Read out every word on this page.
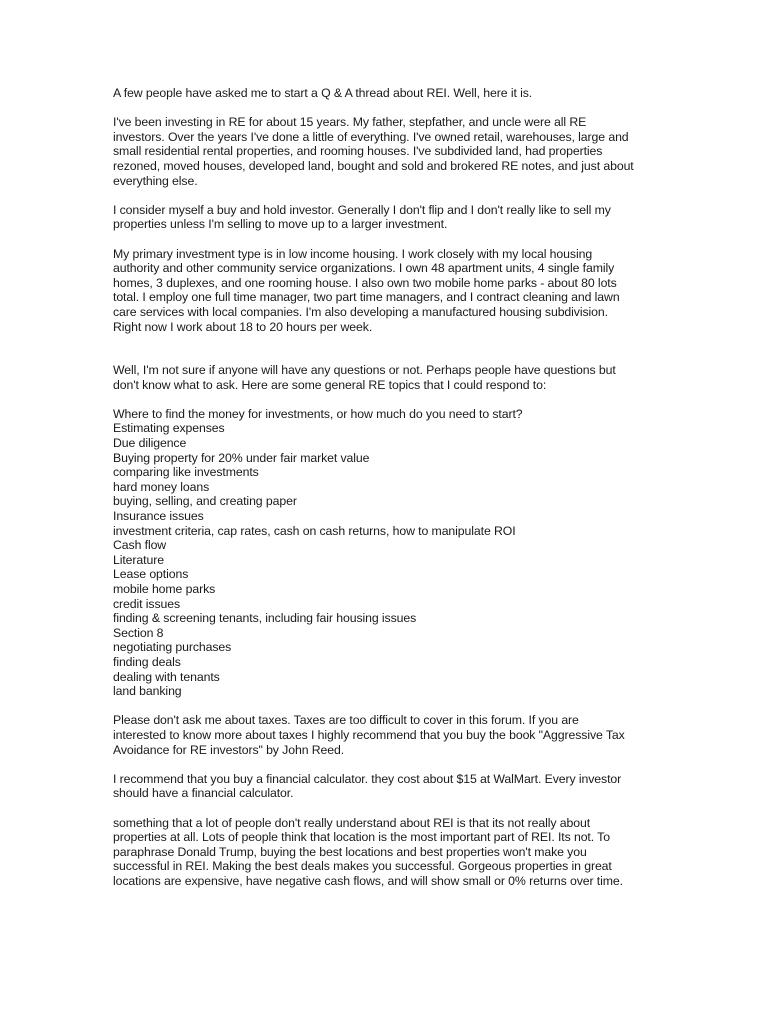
A few people have asked me to start a Q & A thread about REI. Well, here it is.

I've been investing in RE for about 15 years. My father, stepfather, and uncle were all RE
investors. Over the years I've done a little of everything. I've owned retail, warehouses, large and
small residential rental properties, and rooming houses. I've subdivided land, had properties
rezoned, moved houses, developed land, bought and sold and brokered RE notes, and just about
everything else.

I consider myself a buy and hold investor. Generally I don't flip and I don't really like to sell my
properties unless I'm selling to move up to a larger investment.

My primary investment type is in low income housing. I work closely with my local housing
authority and other community service organizations. I own 48 apartment units, 4 single family
homes, 3 duplexes, and one rooming house. I also own two mobile home parks - about 80 lots
total. I employ one full time manager, two part time managers, and I contract cleaning and lawn
care services with local companies. I'm also developing a manufactured housing subdivision.
Right now I work about 18 to 20 hours per week.

Well, I'm not sure if anyone will have any questions or not. Perhaps people have questions but
don't know what to ask. Here are some general RE topics that I could respond to:

Where to find the money for investments, or how much do you need to start?
Estimating expenses
Due diligence
Buying property for 20% under fair market value
comparing like investments
hard money loans
buying, selling, and creating paper
Insurance issues
investment criteria, cap rates, cash on cash returns, how to manipulate ROI
Cash flow
Literature
Lease options
mobile home parks
credit issues
finding & screening tenants, including fair housing issues
Section 8
negotiating purchases
finding deals
dealing with tenants
land banking

Please don't ask me about taxes. Taxes are too difficult to cover in this forum. If you are
interested to know more about taxes I highly recommend that you buy the book "Aggressive Tax
Avoidance for RE investors" by John Reed.

I recommend that you buy a financial calculator. they cost about $15 at WalMart. Every investor
should have a financial calculator.

something that a lot of people don't really understand about REI is that its not really about
properties at all. Lots of people think that location is the most important part of REI. Its not. To
paraphrase Donald Trump, buying the best locations and best properties won't make you
successful in REI. Making the best deals makes you successful. Gorgeous properties in great
locations are expensive, have negative cash flows, and will show small or 0% returns over time.
